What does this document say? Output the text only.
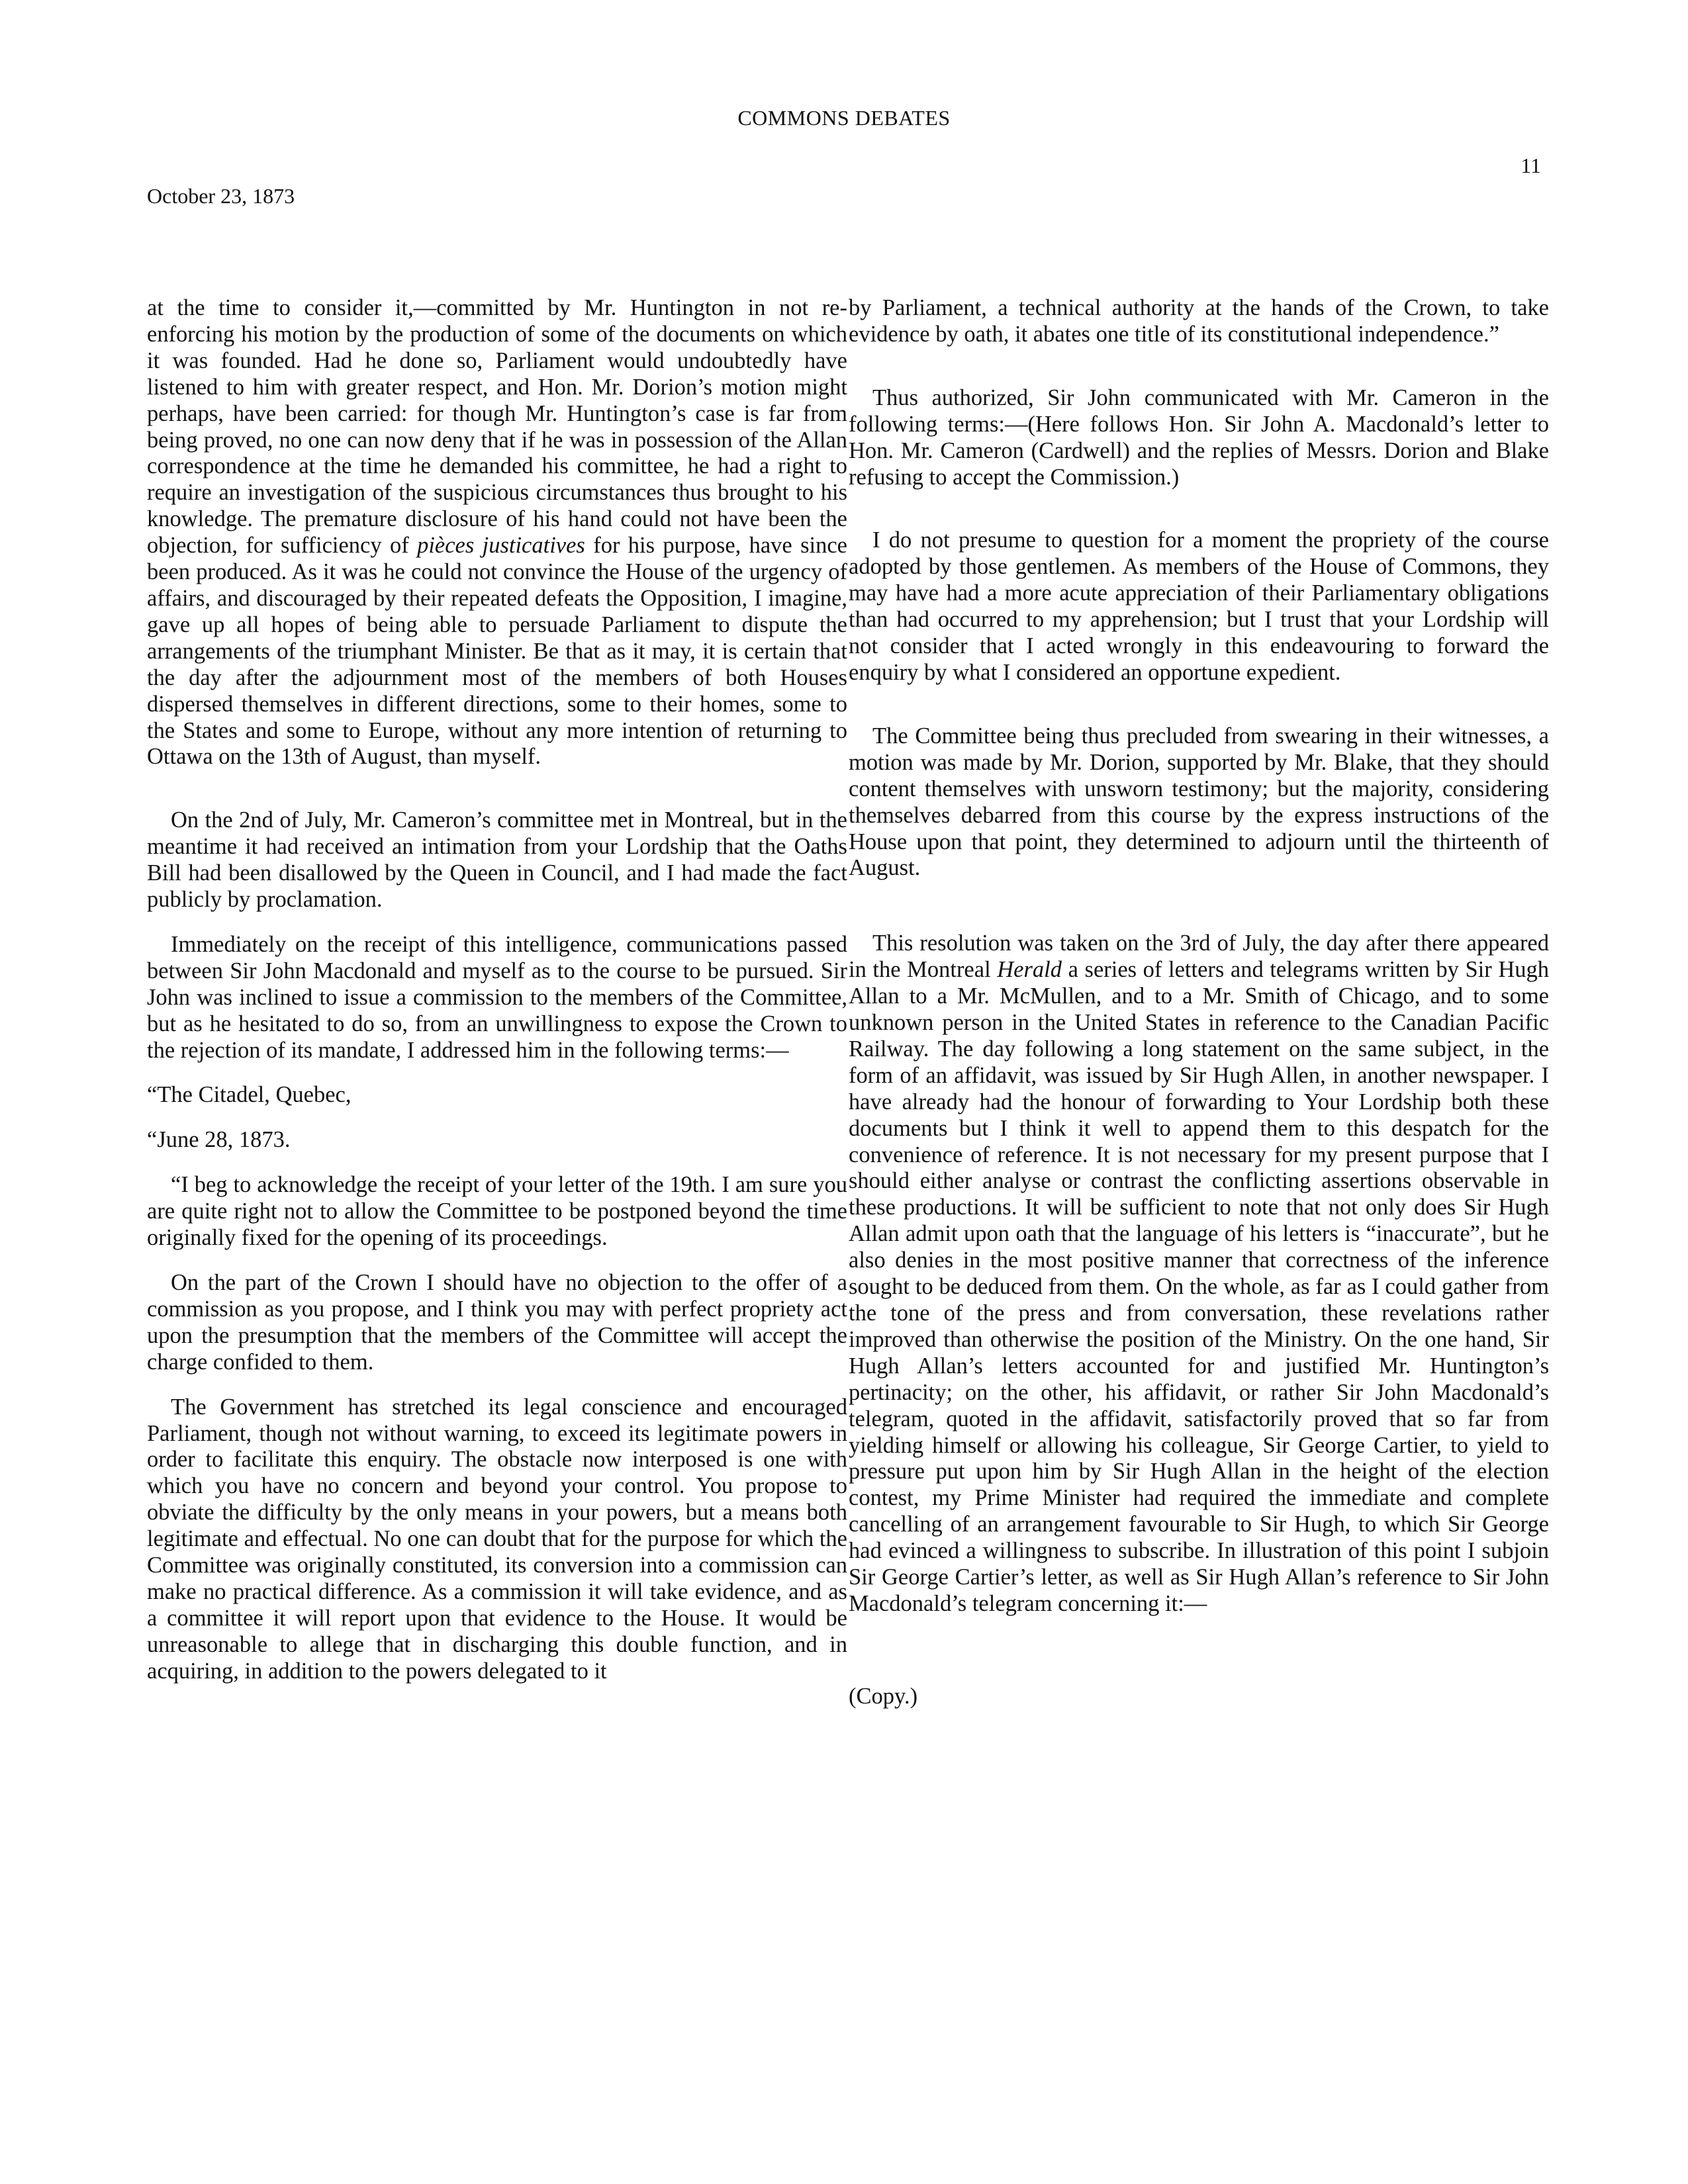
COMMONS DEBATES
11
October 23, 1873

at the time to consider it,—committed by Mr. Huntington in not re-enforcing his motion by the production of some of the documents on which it was founded. Had he done so, Parliament would undoubtedly have listened to him with greater respect, and Hon. Mr. Dorion’s motion might perhaps, have been carried: for though Mr. Huntington’s case is far from being proved, no one can now deny that if he was in possession of the Allan correspondence at the time he demanded his committee, he had a right to require an investigation of the suspicious circumstances thus brought to his knowledge. The premature disclosure of his hand could not have been the objection, for sufficiency of pièces justicatives for his purpose, have since been produced. As it was he could not convince the House of the urgency of affairs, and discouraged by their repeated defeats the Opposition, I imagine, gave up all hopes of being able to persuade Parliament to dispute the arrangements of the triumphant Minister. Be that as it may, it is certain that the day after the adjournment most of the members of both Houses dispersed themselves in different directions, some to their homes, some to the States and some to Europe, without any more intention of returning to Ottawa on the 13th of August, than myself.

On the 2nd of July, Mr. Cameron’s committee met in Montreal, but in the meantime it had received an intimation from your Lordship that the Oaths Bill had been disallowed by the Queen in Council, and I had made the fact publicly by proclamation.

Immediately on the receipt of this intelligence, communications passed between Sir John Macdonald and myself as to the course to be pursued. Sir John was inclined to issue a commission to the members of the Committee, but as he hesitated to do so, from an unwillingness to expose the Crown to the rejection of its mandate, I addressed him in the following terms:—

“The Citadel, Quebec,

“June 28, 1873.

“I beg to acknowledge the receipt of your letter of the 19th. I am sure you are quite right not to allow the Committee to be postponed beyond the time originally fixed for the opening of its proceedings.

On the part of the Crown I should have no objection to the offer of a commission as you propose, and I think you may with perfect propriety act upon the presumption that the members of the Committee will accept the charge confided to them.

The Government has stretched its legal conscience and encouraged Parliament, though not without warning, to exceed its legitimate powers in order to facilitate this enquiry. The obstacle now interposed is one with which you have no concern and beyond your control. You propose to obviate the difficulty by the only means in your powers, but a means both legitimate and effectual. No one can doubt that for the purpose for which the Committee was originally constituted, its conversion into a commission can make no practical difference. As a commission it will take evidence, and as a committee it will report upon that evidence to the House. It would be unreasonable to allege that in discharging this double function, and in acquiring, in addition to the powers delegated to it

by Parliament, a technical authority at the hands of the Crown, to take evidence by oath, it abates one title of its constitutional independence.”

Thus authorized, Sir John communicated with Mr. Cameron in the following terms:—(Here follows Hon. Sir John A. Macdonald’s letter to Hon. Mr. Cameron (Cardwell) and the replies of Messrs. Dorion and Blake refusing to accept the Commission.)

I do not presume to question for a moment the propriety of the course adopted by those gentlemen. As members of the House of Commons, they may have had a more acute appreciation of their Parliamentary obligations than had occurred to my apprehension; but I trust that your Lordship will not consider that I acted wrongly in this endeavouring to forward the enquiry by what I considered an opportune expedient.

The Committee being thus precluded from swearing in their witnesses, a motion was made by Mr. Dorion, supported by Mr. Blake, that they should content themselves with unsworn testimony; but the majority, considering themselves debarred from this course by the express instructions of the House upon that point, they determined to adjourn until the thirteenth of August.

This resolution was taken on the 3rd of July, the day after there appeared in the Montreal Herald a series of letters and telegrams written by Sir Hugh Allan to a Mr. McMullen, and to a Mr. Smith of Chicago, and to some unknown person in the United States in reference to the Canadian Pacific Railway. The day following a long statement on the same subject, in the form of an affidavit, was issued by Sir Hugh Allen, in another newspaper. I have already had the honour of forwarding to Your Lordship both these documents but I think it well to append them to this despatch for the convenience of reference. It is not necessary for my present purpose that I should either analyse or contrast the conflicting assertions observable in these productions. It will be sufficient to note that not only does Sir Hugh Allan admit upon oath that the language of his letters is “inaccurate”, but he also denies in the most positive manner that correctness of the inference sought to be deduced from them. On the whole, as far as I could gather from the tone of the press and from conversation, these revelations rather improved than otherwise the position of the Ministry. On the one hand, Sir Hugh Allan’s letters accounted for and justified Mr. Huntington’s pertinacity; on the other, his affidavit, or rather Sir John Macdonald’s telegram, quoted in the affidavit, satisfactorily proved that so far from yielding himself or allowing his colleague, Sir George Cartier, to yield to pressure put upon him by Sir Hugh Allan in the height of the election contest, my Prime Minister had required the immediate and complete cancelling of an arrangement favourable to Sir Hugh, to which Sir George had evinced a willingness to subscribe. In illustration of this point I subjoin Sir George Cartier’s letter, as well as Sir Hugh Allan’s reference to Sir John Macdonald’s telegram concerning it:—

(Copy.)
